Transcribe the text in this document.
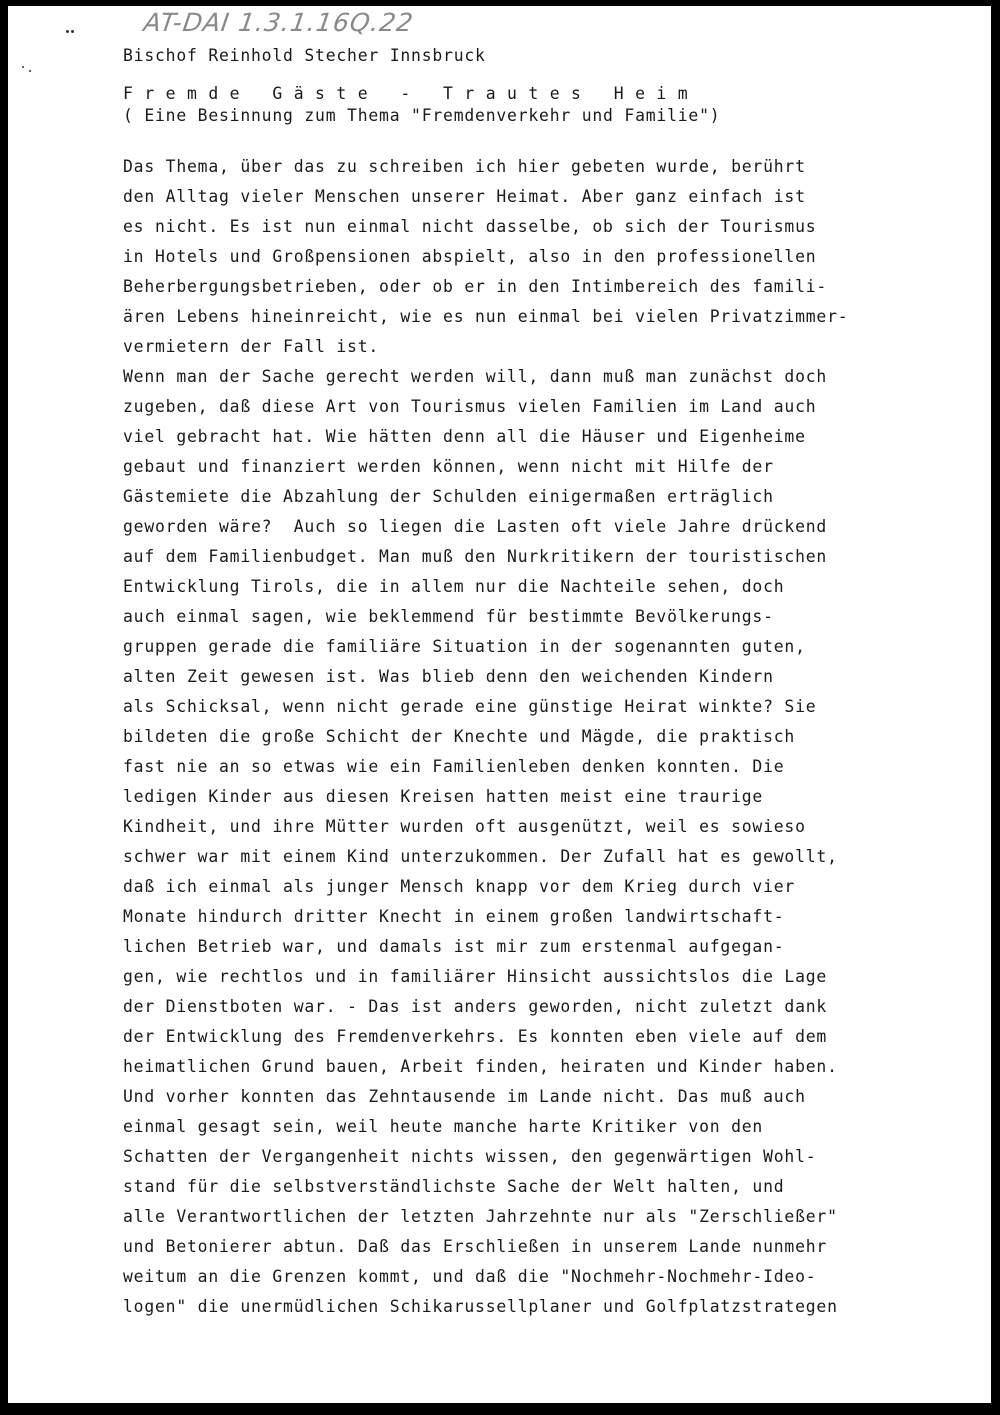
AT-DAI 1.3.1.16Q.22
Bischof Reinhold Stecher Innsbruck
F r e m d e   G ä s t e   -   T r a u t e s   H e i m
( Eine Besinnung zum Thema "Fremdenverkehr und Familie")
Das Thema, über das zu schreiben ich hier gebeten wurde, berührt
den Alltag vieler Menschen unserer Heimat. Aber ganz einfach ist
es nicht. Es ist nun einmal nicht dasselbe, ob sich der Tourismus
in Hotels und Großpensionen abspielt, also in den professionellen
Beherbergungsbetrieben, oder ob er in den Intimbereich des famili-
ären Lebens hineinreicht, wie es nun einmal bei vielen Privatzimmer-
vermietern der Fall ist.
Wenn man der Sache gerecht werden will, dann muß man zunächst doch
zugeben, daß diese Art von Tourismus vielen Familien im Land auch
viel gebracht hat. Wie hätten denn all die Häuser und Eigenheime
gebaut und finanziert werden können, wenn nicht mit Hilfe der
Gästemiete die Abzahlung der Schulden einigermaßen erträglich
geworden wäre?  Auch so liegen die Lasten oft viele Jahre drückend
auf dem Familienbudget. Man muß den Nurkritikern der touristischen
Entwicklung Tirols, die in allem nur die Nachteile sehen, doch
auch einmal sagen, wie beklemmend für bestimmte Bevölkerungs-
gruppen gerade die familiäre Situation in der sogenannten guten,
alten Zeit gewesen ist. Was blieb denn den weichenden Kindern
als Schicksal, wenn nicht gerade eine günstige Heirat winkte? Sie
bildeten die große Schicht der Knechte und Mägde, die praktisch
fast nie an so etwas wie ein Familienleben denken konnten. Die
ledigen Kinder aus diesen Kreisen hatten meist eine traurige
Kindheit, und ihre Mütter wurden oft ausgenützt, weil es sowieso
schwer war mit einem Kind unterzukommen. Der Zufall hat es gewollt,
daß ich einmal als junger Mensch knapp vor dem Krieg durch vier
Monate hindurch dritter Knecht in einem großen landwirtschaft-
lichen Betrieb war, und damals ist mir zum erstenmal aufgegan-
gen, wie rechtlos und in familiärer Hinsicht aussichtslos die Lage
der Dienstboten war. - Das ist anders geworden, nicht zuletzt dank
der Entwicklung des Fremdenverkehrs. Es konnten eben viele auf dem
heimatlichen Grund bauen, Arbeit finden, heiraten und Kinder haben.
Und vorher konnten das Zehntausende im Lande nicht. Das muß auch
einmal gesagt sein, weil heute manche harte Kritiker von den
Schatten der Vergangenheit nichts wissen, den gegenwärtigen Wohl-
stand für die selbstverständlichste Sache der Welt halten, und
alle Verantwortlichen der letzten Jahrzehnte nur als "Zerschließer"
und Betonierer abtun. Daß das Erschließen in unserem Lande nunmehr
weitum an die Grenzen kommt, und daß die "Nochmehr-Nochmehr-Ideo-
logen" die unermüdlichen Schikarussellplaner und Golfplatzstrategen
